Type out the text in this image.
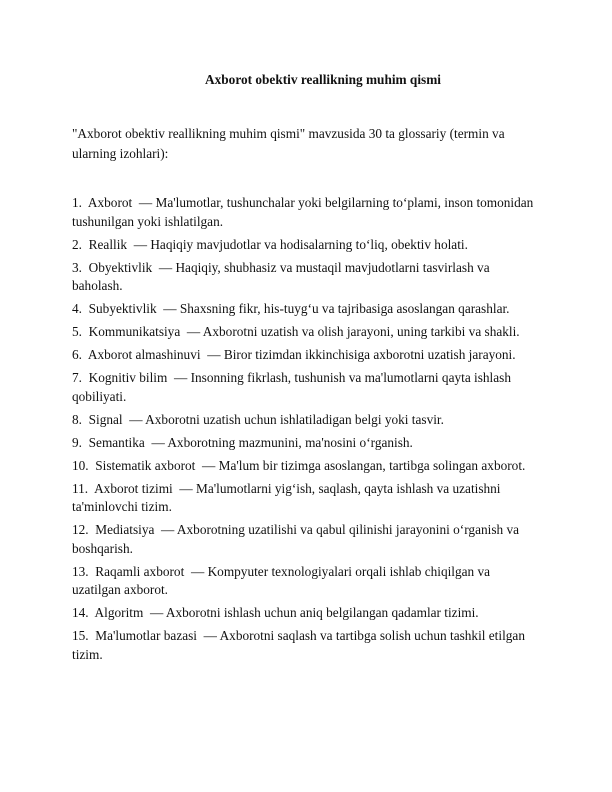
Axborot obektiv reallikning muhim qismi
"Axborot obektiv reallikning muhim qismi" mavzusida 30 ta glossariy (termin va ularning izohlari):
1. Axborot — Ma'lumotlar, tushunchalar yoki belgilarning to‘plami, inson tomonidan tushunilgan yoki ishlatilgan.
2. Reallik — Haqiqiy mavjudotlar va hodisalarning to‘liq, obektiv holati.
3. Obyektivlik — Haqiqiy, shubhasiz va mustaqil mavjudotlarni tasvirlash va baholash.
4. Subyektivlik — Shaxsning fikr, his-tuyg‘u va tajribasiga asoslangan qarashlar.
5. Kommunikatsiya — Axborotni uzatish va olish jarayoni, uning tarkibi va shakli.
6. Axborot almashinuvi — Biror tizimdan ikkinchisiga axborotni uzatish jarayoni.
7. Kognitiv bilim — Insonning fikrlash, tushunish va ma'lumotlarni qayta ishlash qobiliyati.
8. Signal — Axborotni uzatish uchun ishlatiladigan belgi yoki tasvir.
9. Semantika — Axborotning mazmunini, ma'nosini o‘rganish.
10. Sistematik axborot — Ma'lum bir tizimga asoslangan, tartibga solingan axborot.
11. Axborot tizimi — Ma'lumotlarni yig‘ish, saqlash, qayta ishlash va uzatishni ta'minlovchi tizim.
12. Mediatsiya — Axborotning uzatilishi va qabul qilinishi jarayonini o‘rganish va boshqarish.
13. Raqamli axborot — Kompyuter texnologiyalari orqali ishlab chiqilgan va uzatilgan axborot.
14. Algoritm — Axborotni ishlash uchun aniq belgilangan qadamlar tizimi.
15. Ma'lumotlar bazasi — Axborotni saqlash va tartibga solish uchun tashkil etilgan tizim.
